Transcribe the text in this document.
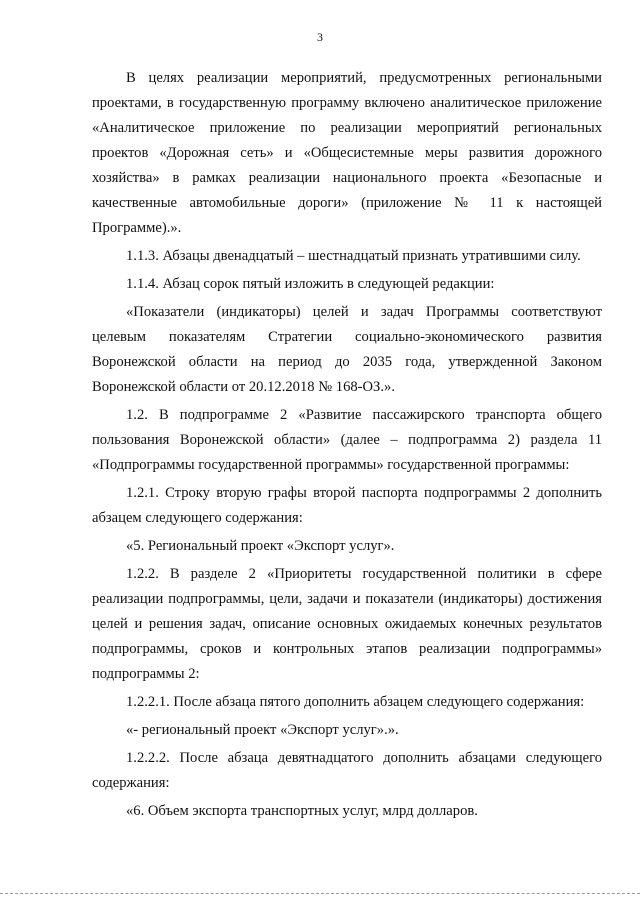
3

В целях реализации мероприятий, предусмотренных региональными проектами, в государственную программу включено аналитическое приложение «Аналитическое приложение по реализации мероприятий региональных проектов «Дорожная сеть» и «Общесистемные меры развития дорожного хозяйства» в рамках реализации национального проекта «Безопасные и качественные автомобильные дороги» (приложение № 11 к настоящей Программе).».

1.1.3. Абзацы двенадцатый – шестнадцатый признать утратившими силу.

1.1.4. Абзац сорок пятый изложить в следующей редакции:

«Показатели (индикаторы) целей и задач Программы соответствуют целевым показателям Стратегии социально-экономического развития Воронежской области на период до 2035 года, утвержденной Законом Воронежской области от 20.12.2018 № 168-ОЗ.».

1.2. В подпрограмме 2 «Развитие пассажирского транспорта общего пользования Воронежской области» (далее – подпрограмма 2) раздела 11 «Подпрограммы государственной программы» государственной программы:

1.2.1. Строку вторую графы второй паспорта подпрограммы 2 дополнить абзацем следующего содержания:

«5. Региональный проект «Экспорт услуг».

1.2.2. В разделе 2 «Приоритеты государственной политики в сфере реализации подпрограммы, цели, задачи и показатели (индикаторы) достижения целей и решения задач, описание основных ожидаемых конечных результатов подпрограммы, сроков и контрольных этапов реализации подпрограммы» подпрограммы 2:

1.2.2.1. После абзаца пятого дополнить абзацем следующего содержания:

«- региональный проект «Экспорт услуг».».

1.2.2.2. После абзаца девятнадцатого дополнить абзацами следующего содержания:

«6. Объем экспорта транспортных услуг, млрд долларов.
